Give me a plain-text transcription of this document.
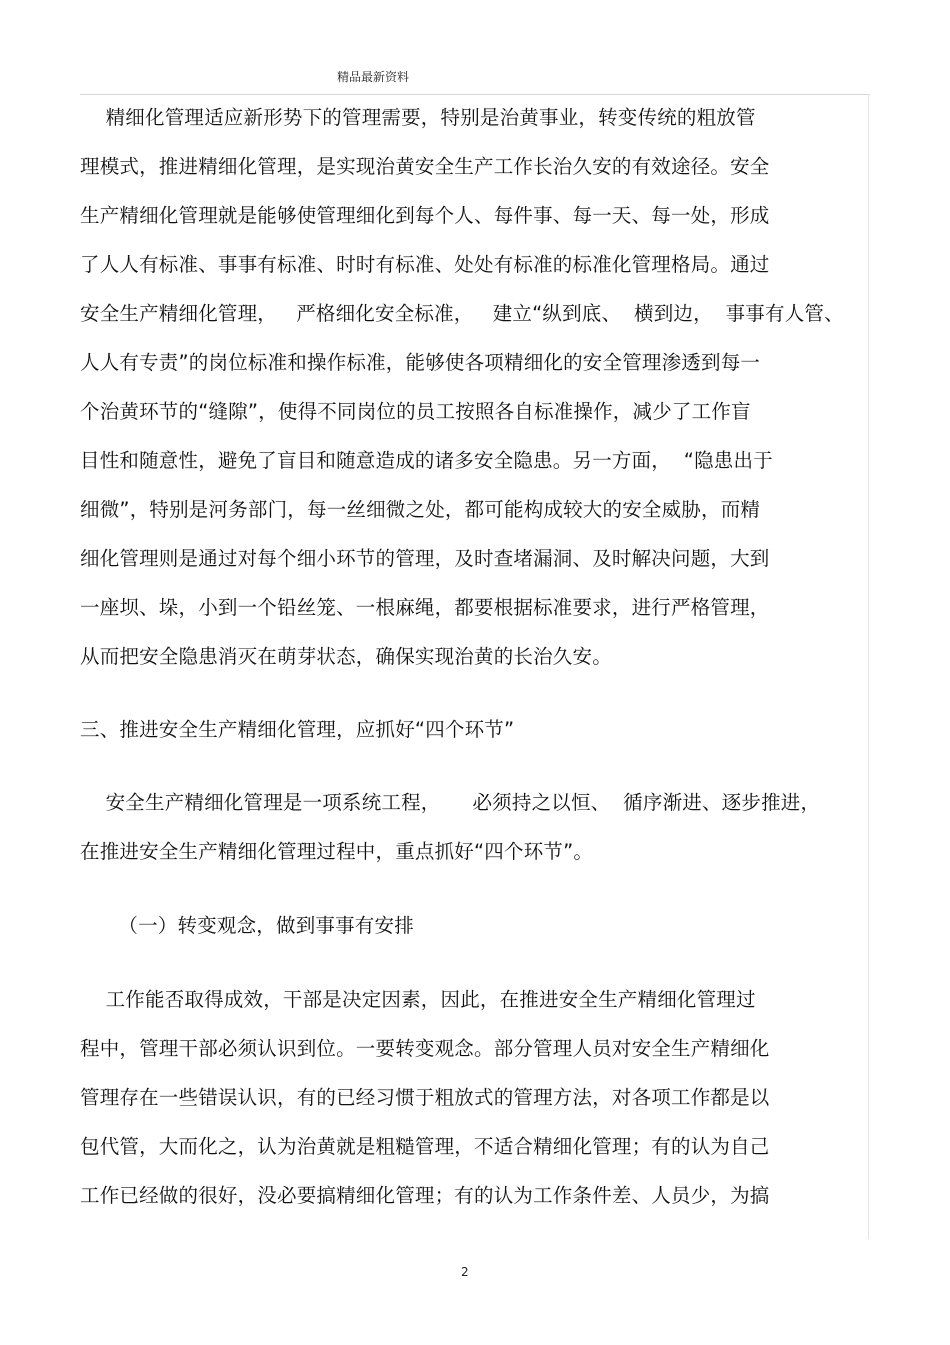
精品最新资料
精细化管理适应新形势下的管理需要，特别是治黄事业，转变传统的粗放管
理模式，推进精细化管理，是实现治黄安全生产工作长治久安的有效途径。安全
生产精细化管理就是能够使管理细化到每个人、每件事、每一天、每一处，形成
了人人有标准、事事有标准、时时有标准、处处有标准的标准化管理格局。通过
安全生产精细化管理，   严格细化安全标准，   建立“纵到底、  横到边，  事事有人管、
人人有专责”的岗位标准和操作标准，能够使各项精细化的安全管理渗透到每一
个治黄环节的“缝隙”，使得不同岗位的员工按照各自标准操作，减少了工作盲
目性和随意性，避免了盲目和随意造成的诸多安全隐患。另一方面，  “隐患出于
细微”，特别是河务部门，每一丝细微之处，都可能构成较大的安全威胁，而精
细化管理则是通过对每个细小环节的管理，及时查堵漏洞、及时解决问题，大到
一座坝、垛，小到一个铅丝笼、一根麻绳，都要根据标准要求，进行严格管理，
从而把安全隐患消灭在萌芽状态，确保实现治黄的长治久安。
三、推进安全生产精细化管理，应抓好“四个环节”
安全生产精细化管理是一项系统工程，     必须持之以恒、  循序渐进、逐步推进，
在推进安全生产精细化管理过程中，重点抓好“四个环节”。
（一）转变观念，做到事事有安排
工作能否取得成效，干部是决定因素，因此，在推进安全生产精细化管理过
程中，管理干部必须认识到位。一要转变观念。部分管理人员对安全生产精细化
管理存在一些错误认识，有的已经习惯于粗放式的管理方法，对各项工作都是以
包代管，大而化之，认为治黄就是粗糙管理，不适合精细化管理；有的认为自己
工作已经做的很好，没必要搞精细化管理；有的认为工作条件差、人员少，为搞
2
